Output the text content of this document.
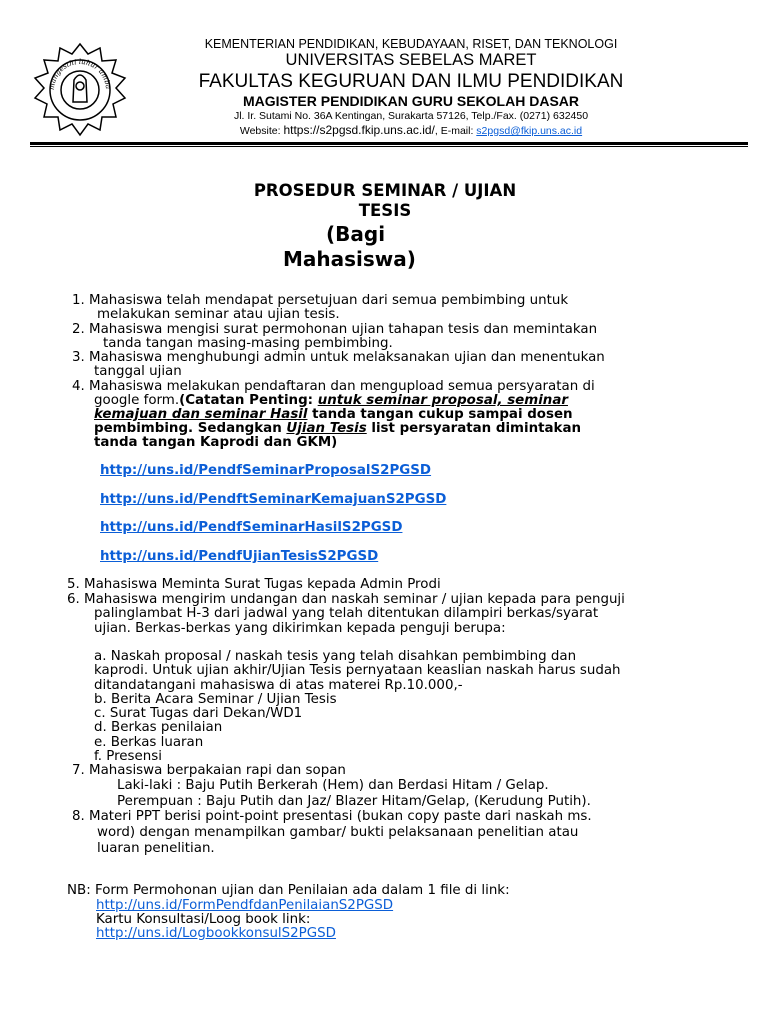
mangesthi luhur amba
KEMENTERIAN PENDIDIKAN, KEBUDAYAAN, RISET, DAN TEKNOLOGI
UNIVERSITAS SEBELAS MARET
FAKULTAS KEGURUAN DAN ILMU PENDIDIKAN
MAGISTER PENDIDIKAN GURU SEKOLAH DASAR
Jl. Ir. Sutami No. 36A Kentingan, Surakarta 57126, Telp./Fax. (0271) 632450
Website: https://s2pgsd.fkip.uns.ac.id/, E-mail: s2pgsd@fkip.uns.ac.id
PROSEDUR SEMINAR / UJIAN
TESIS
(Bagi
Mahasiswa)
1. Mahasiswa telah mendapat persetujuan dari semua pembimbing untuk
melakukan seminar atau ujian tesis.
2. Mahasiswa mengisi surat permohonan ujian tahapan tesis dan memintakan
tanda tangan masing-masing pembimbing.
3. Mahasiswa menghubungi admin untuk melaksanakan ujian dan menentukan
tanggal ujian
4. Mahasiswa melakukan pendaftaran dan mengupload semua persyaratan di
google form.(Catatan Penting: untuk seminar proposal, seminar
kemajuan dan seminar Hasil tanda tangan cukup sampai dosen
pembimbing. Sedangkan Ujian Tesis list persyaratan dimintakan
tanda tangan Kaprodi dan GKM)
http://uns.id/PendfSeminarProposalS2PGSD
http://uns.id/PendftSeminarKemajuanS2PGSD
http://uns.id/PendfSeminarHasilS2PGSD
http://uns.id/PendfUjianTesisS2PGSD
5. Mahasiswa Meminta Surat Tugas kepada Admin Prodi
6. Mahasiswa mengirim undangan dan naskah seminar / ujian kepada para penguji
palinglambat H-3 dari jadwal yang telah ditentukan dilampiri berkas/syarat
ujian. Berkas-berkas yang dikirimkan kepada penguji berupa:
a. Naskah proposal / naskah tesis yang telah disahkan pembimbing dan
kaprodi. Untuk ujian akhir/Ujian Tesis pernyataan keaslian naskah harus sudah
ditandatangani mahasiswa di atas materei Rp.10.000,-
b. Berita Acara Seminar / Ujian Tesis
c. Surat Tugas dari Dekan/WD1
d. Berkas penilaian
e. Berkas luaran
f. Presensi
7. Mahasiswa berpakaian rapi dan sopan
Laki-laki : Baju Putih Berkerah (Hem) dan Berdasi Hitam / Gelap.
Perempuan : Baju Putih dan Jaz/ Blazer Hitam/Gelap, (Kerudung Putih).
8. Materi PPT berisi point-point presentasi (bukan copy paste dari naskah ms.
word) dengan menampilkan gambar/ bukti pelaksanaan penelitian atau
luaran penelitian.
NB: Form Permohonan ujian dan Penilaian ada dalam 1 file di link:
http://uns.id/FormPendfdanPenilaianS2PGSD
Kartu Konsultasi/Loog book link:
http://uns.id/LogbookkonsulS2PGSD
